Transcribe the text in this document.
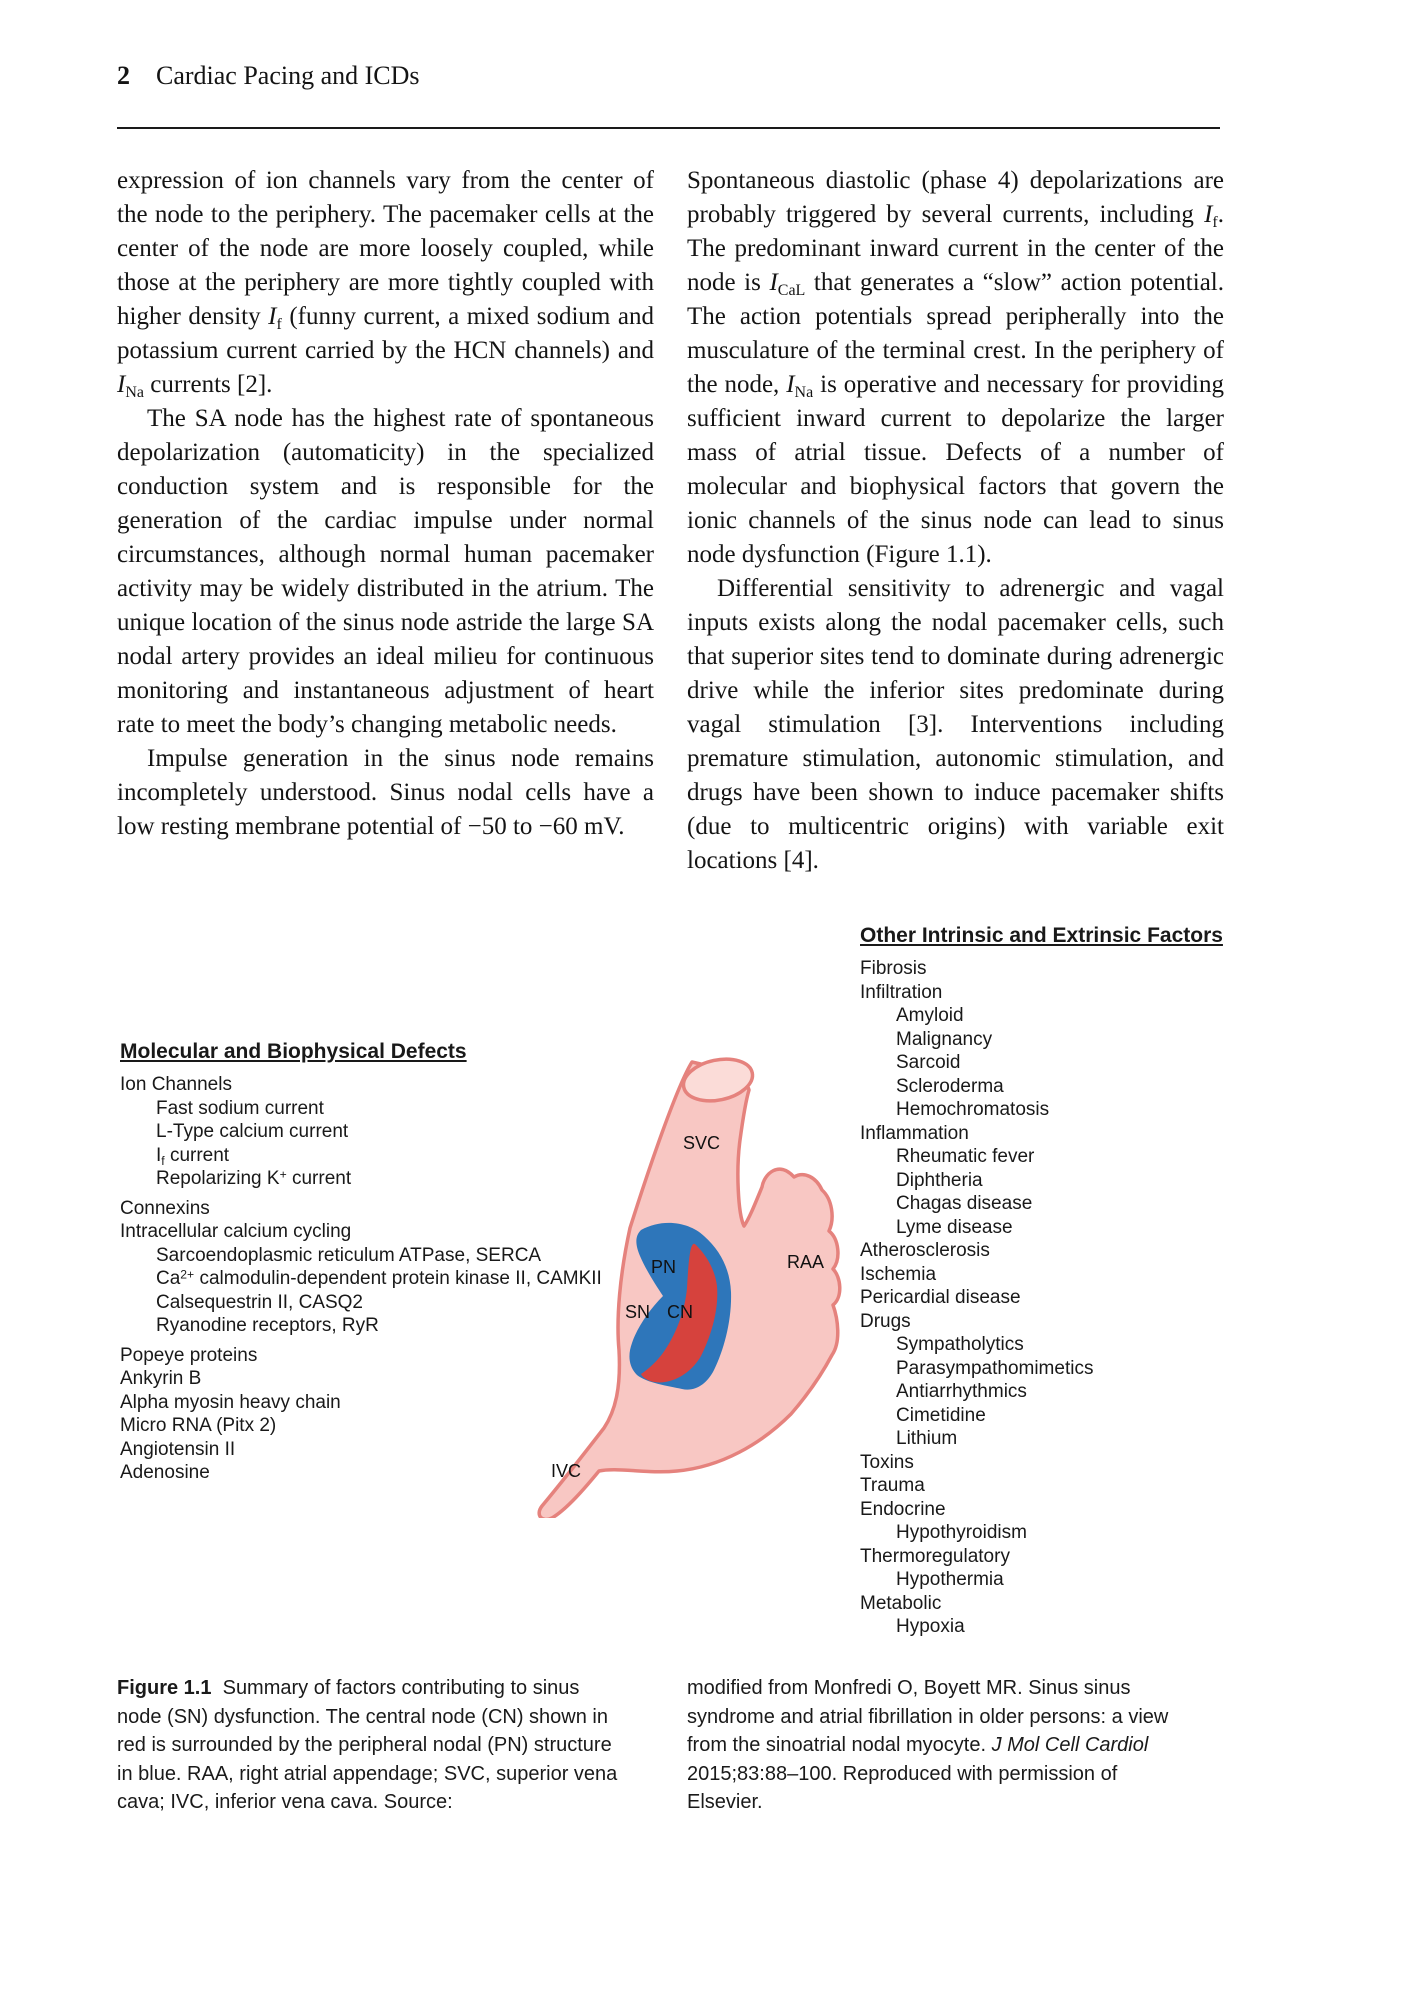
2 Cardiac Pacing and ICDs

expression of ion channels vary from the center of the node to the periphery. The pacemaker cells at the center of the node are more loosely coupled, while those at the periphery are more tightly coupled with higher density $I_f$ (funny current, a mixed sodium and potassium current carried by the HCN channels) and $I_{Na}$ currents [2].

The SA node has the highest rate of spontaneous depolarization (automaticity) in the specialized conduction system and is responsible for the generation of the cardiac impulse under normal circumstances, although normal human pacemaker activity may be widely distributed in the atrium. The unique location of the sinus node astride the large SA nodal artery provides an ideal milieu for continuous monitoring and instantaneous adjustment of heart rate to meet the body’s changing metabolic needs.

Impulse generation in the sinus node remains incompletely understood. Sinus nodal cells have a low resting membrane potential of −50 to −60 mV.

Spontaneous diastolic (phase 4) depolarizations are probably triggered by several currents, including $I_f$. The predominant inward current in the center of the node is $I_{CaL}$ that generates a “slow” action potential. The action potentials spread peripherally into the musculature of the terminal crest. In the periphery of the node, $I_{Na}$ is operative and necessary for providing sufficient inward current to depolarize the larger mass of atrial tissue. Defects of a number of molecular and biophysical factors that govern the ionic channels of the sinus node can lead to sinus node dysfunction (Figure 1.1).

Differential sensitivity to adrenergic and vagal inputs exists along the nodal pacemaker cells, such that superior sites tend to dominate during adrenergic drive while the inferior sites predominate during vagal stimulation [3]. Interventions including premature stimulation, autonomic stimulation, and drugs have been shown to induce pacemaker shifts (due to multicentric origins) with variable exit locations [4].

Molecular and Biophysical Defects
Ion Channels
Fast sodium current
L-Type calcium current
$I_f$ current
Repolarizing K+ current
Connexins
Intracellular calcium cycling
Sarcoendoplasmic reticulum ATPase, SERCA
$Ca^{2+}$ calmodulin-dependent protein kinase II, CAMKII
Calsequestrin II, CASQ2
Ryanodine receptors, RyR
Popeye proteins
Ankyrin B
Alpha myosin heavy chain
Micro RNA (Pitx 2)
Angiotensin II
Adenosine
SVC
RAA
PN
SN CN
IVC
Other Intrinsic and Extrinsic Factors
Fibrosis
Infiltration
Amyloid
Malignancy
Sarcoid
Scleroderma
Hemochromatosis
Inflammation
Rheumatic fever
Diphtheria
Chagas disease
Lyme disease
Atherosclerosis
Ischemia
Pericardial disease
Drugs
Sympatholytics
Parasympathomimetics
Antiarrhythmics
Cimetidine
Lithium
Toxins
Trauma
Endocrine
Hypothyroidism
Thermoregulatory
Hypothermia
Metabolic
Hypoxia
Figure 1.1  Summary of factors contributing to sinus node (SN) dysfunction. The central node (CN) shown in red is surrounded by the peripheral nodal (PN) structure in blue. RAA, right atrial appendage; SVC, superior vena cava; IVC, inferior vena cava. Source:
modified from Monfredi O, Boyett MR. Sinus sinus syndrome and atrial fibrillation in older persons: a view from the sinoatrial nodal myocyte. J Mol Cell Cardiol 2015;83:88–100. Reproduced with permission of Elsevier.
